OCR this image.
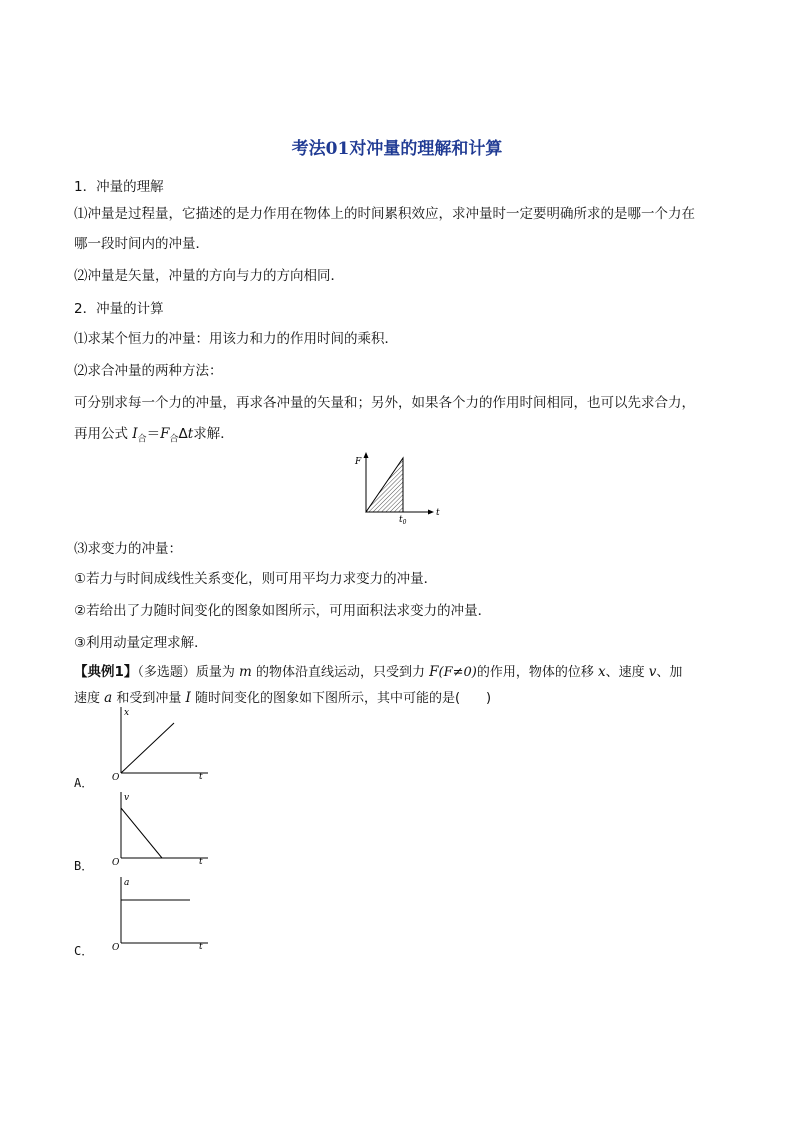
考法01对冲量的理解和计算
1．冲量的理解
⑴冲量是过程量，它描述的是力作用在物体上的时间累积效应，求冲量时一定要明确所求的是哪一个力在
哪一段时间内的冲量．
⑵冲量是矢量，冲量的方向与力的方向相同．
2．冲量的计算
⑴求某个恒力的冲量：用该力和力的作用时间的乘积．
⑵求合冲量的两种方法：
可分别求每一个力的冲量，再求各冲量的矢量和；另外，如果各个力的作用时间相同，也可以先求合力，
再用公式 $I_合=F_合\Delta t$求解．
F
t
$t_0$
⑶求变力的冲量：
①若力与时间成线性关系变化，则可用平均力求变力的冲量．
②若给出了力随时间变化的图象如图所示，可用面积法求变力的冲量．
③利用动量定理求解．
【典例1】（多选题）质量为 m 的物体沿直线运动，只受到力 F(F≠0)的作用，物体的位移 x、速度 v、加
速度 a 和受到冲量 I 随时间变化的图象如下图所示，其中可能的是(　　)
A．
x
t
O
B．
v
t
O
C．
a
t
O
